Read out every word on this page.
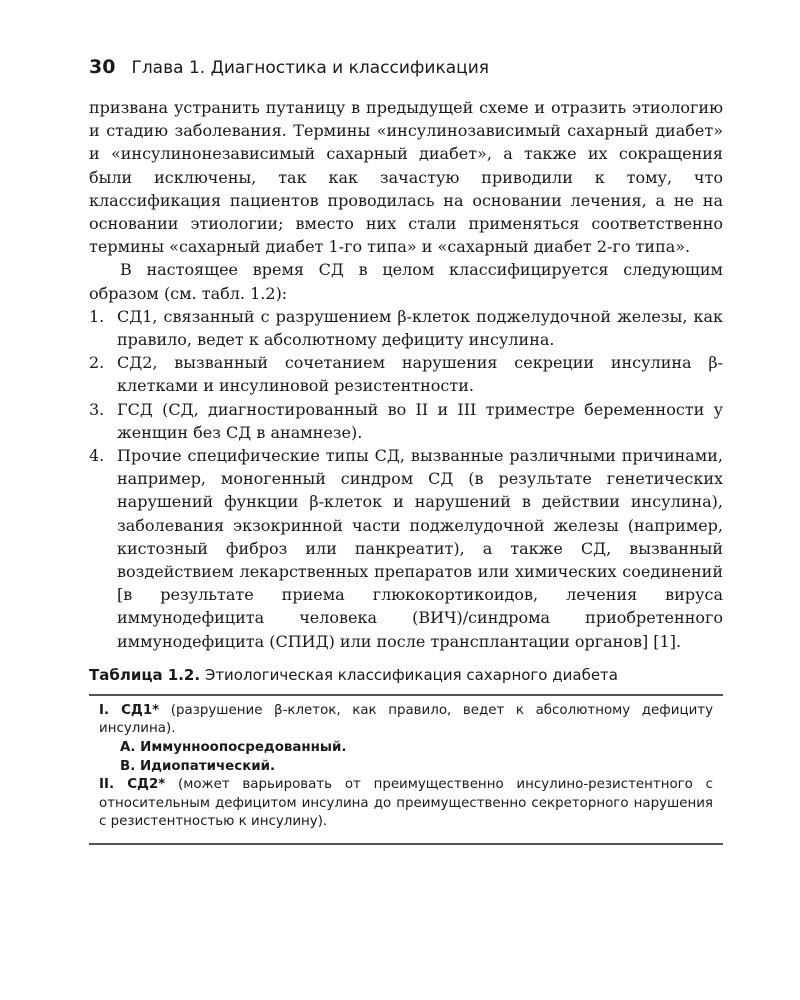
30 Глава 1. Диагностика и классификация

призвана устранить путаницу в предыдущей схеме и отразить этиологию и стадию заболевания. Термины «инсулинозависимый сахарный диабет» и «инсулинонезависимый сахарный диабет», а также их сокращения были исключены, так как зачастую приводили к тому, что классификация пациентов проводилась на основании лечения, а не на основании этиологии; вместо них стали применяться соответственно термины «сахарный диабет 1-го типа» и «сахарный диабет 2-го типа».

В настоящее время СД в целом классифицируется следующим образом (см. табл. 1.2):

1. СД1, связанный с разрушением β-клеток поджелудочной железы, как правило, ведет к абсолютному дефициту инсулина.
2. СД2, вызванный сочетанием нарушения секреции инсулина β-клетками и инсулиновой резистентности.
3. ГСД (СД, диагностированный во II и III триместре беременности у женщин без СД в анамнезе).
4. Прочие специфические типы СД, вызванные различными причинами, например, моногенный синдром СД (в результате генетических нарушений функции β-клеток и нарушений в действии инсулина), заболевания экзокринной части поджелудочной железы (например, кистозный фиброз или панкреатит), а также СД, вызванный воздействием лекарственных препаратов или химических соединений [в результате приема глюкокортикоидов, лечения вируса иммунодефицита человека (ВИЧ)/синдрома приобретенного иммунодефицита (СПИД) или после трансплантации органов] [1].
Таблица 1.2. Этиологическая классификация сахарного диабета

I. СД1* (разрушение β-клеток, как правило, ведет к абсолютному дефициту инсулина).

А. Иммунноопосредованный.

В. Идиопатический.

II. СД2* (может варьировать от преимущественно инсулино-резистентного с относительным дефицитом инсулина до преимущественно секреторного нарушения с резистентностью к инсулину).
